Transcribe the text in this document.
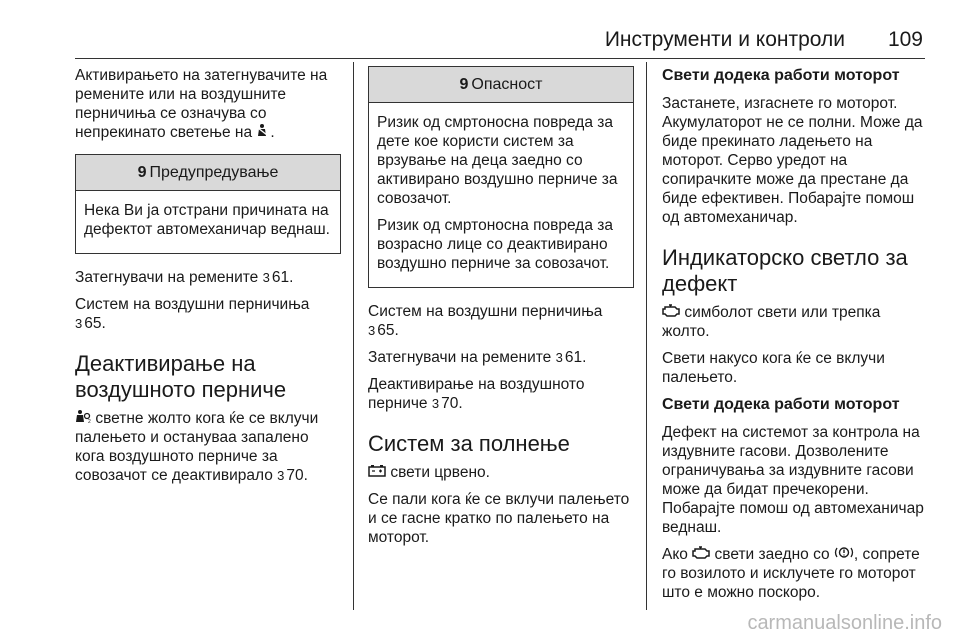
Инструменти и контроли 109

Активирањето на затегнувачите на ремените или на воздушните перничиња се означува со непрекинато светење на .

9 Предупредување

Нека Ви ја отстрани причината на дефектот автомеханичар веднаш.

Затегнувачи на ремените 3 61.

Систем на воздушни перничиња
3 65.

Деактивирање на воздушното перниче

2 светне жолто кога ќе се вклучи палењето и остануваа запалено кога воздушното перниче за совозачот се деактивирало 3 70.

9 Опасност

Ризик од смртоносна повреда за дете кое користи систем за врзување на деца заедно со активирано воздушно перниче за совозачот.

Ризик од смртоносна повреда за возрасно лице со деактивирано воздушно перниче за совозачот.

Систем на воздушни перничиња
3 65.

Затегнувачи на ремените 3 61.

Деактивирање на воздушното перниче 3 70.

Систем за полнење

свети црвено.

Се пали кога ќе се вклучи палењето и се гасне кратко по палењето на моторот.

Свети додека работи моторот

Застанете, изгаснете го моторот. Акумулаторот не се полни. Може да биде прекинато ладењето на моторот. Серво уредот на сопирачките може да престане да биде ефективен. Побарајте помош од автомеханичар.

Индикаторско светло за дефект

симболот свети или трепка жолто.

Свети накусо кога ќе се вклучи палењето.

Свети додека работи моторот

Дефект на системот за контрола на издувните гасови. Дозволените ограничувања за издувните гасови може да бидат пречекорени. Побарајте помош од автомеханичар веднаш.

Ако свети заедно со , сопрете го возилото и исклучете го моторот што е можно поскоро.

carmanualsonline.info
